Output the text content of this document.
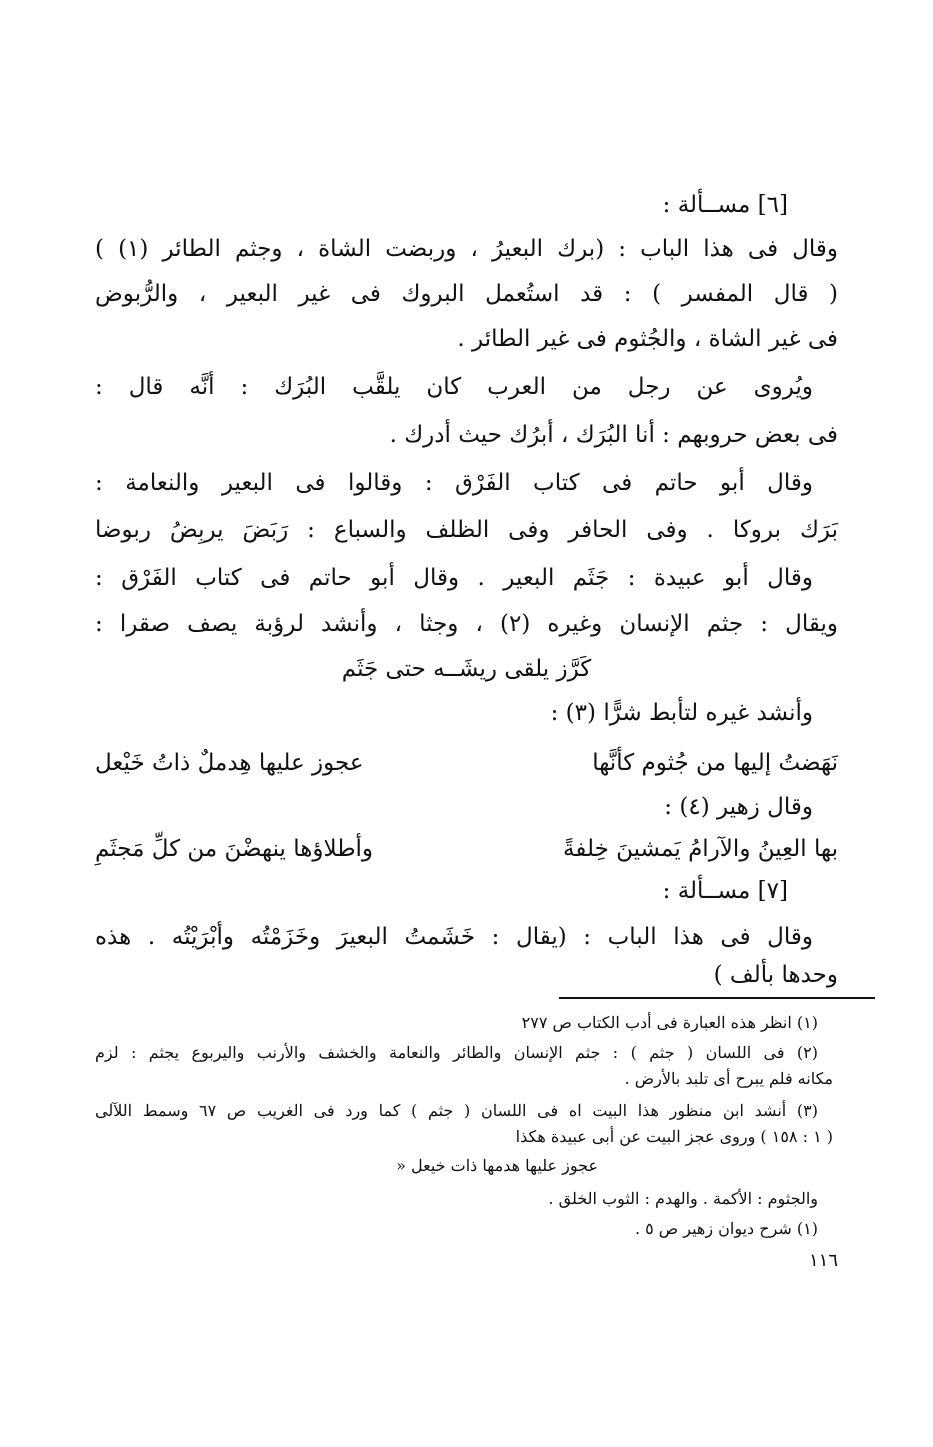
[٦] مســألة :
وقال فى هذا الباب : (برك البعيرُ ، وربضت الشاة ، وجثم الطائر (١) )
( قال المفسر ) : قد استُعمل البروك فى غير البعير ، والرُّبوض
فى غير الشاة ، والجُثوم فى غير الطائر .
ويُروى عن رجل من العرب كان يلقَّب البُرَك : أنَّه قال :
فى بعض حروبهم : أنا البُرَك ، أبرُك حيث أدرك .
وقال أبو حاتم فى كتاب الفَرْق : وقالوا فى البعير والنعامة :
بَرَك بروكا . وفى الحافر وفى الظلف والسباع : رَبَضَ يربِضُ ربوضا
وقال أبو عبيدة : جَثَم البعير . وقال أبو حاتم فى كتاب الفَرْق :
ويقال : جثم الإنسان وغيره (٢) ، وجثا ، وأنشد لرؤبة يصف صقرا :
كَرَّز يلقى ريشَــه حتى جَثَم
وأنشد غيره لتأبط شرًّا (٣) :
نَهَضتُ إليها من جُثوم كأنَّها
عجوز عليها هِدملٌ ذاتُ خَيْعل
وقال زهير (٤) :
بها العِينُ والآرامُ يَمشينَ خِلفةً
وأطلاؤها ينهضْنَ من كلِّ مَجثَمِ
[٧] مســألة :
وقال فى هذا الباب : (يقال : خَشَمتُ البعيرَ وخَزَمْتُه وأبْرَيْتُه . هذه
وحدها بألف )
(١) انظر هذه العبارة فى أدب الكتاب ص ٢٧٧
(٢) فى اللسان ( جثم ) : جثم الإنسان والطائر والنعامة والخشف والأرنب واليربوع يجثم : لزم
مكانه فلم يبرح أى تلبد بالأرض .
(٣) أنشد ابن منظور هذا البيت اه فى اللسان ( جثم ) كما ورد فى الغريب ص ٦٧ وسمط اللآلى
( ١ : ١٥٨ ) وروى عجز البيت عن أبى عبيدة هكذا
عجوز عليها هدمها ذات خيعل «
والجثوم : الأكمة . والهدم : الثوب الخلق .
(١) شرح ديوان زهير ص ٥ .
١١٦
